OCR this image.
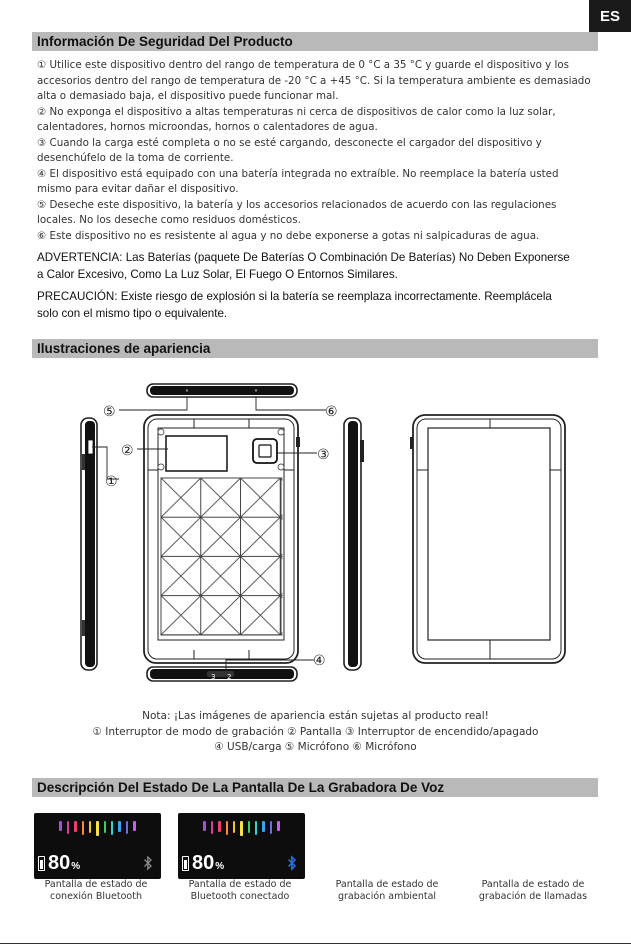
ES
Información De Seguridad Del Producto

① Utilice este dispositivo dentro del rango de temperatura de 0 °C a 35 °C y guarde el dispositivo y los

accesorios dentro del rango de temperatura de -20 °C a +45 °C. Si la temperatura ambiente es demasiado

alta o demasiado baja, el dispositivo puede funcionar mal.

② No exponga el dispositivo a altas temperaturas ni cerca de dispositivos de calor como la luz solar,

calentadores, hornos microondas, hornos o calentadores de agua.

③ Cuando la carga esté completa o no se esté cargando, desconecte el cargador del dispositivo y

desenchúfelo de la toma de corriente.

④ El dispositivo está equipado con una batería integrada no extraíble. No reemplace la batería usted

mismo para evitar dañar el dispositivo.

⑤ Deseche este dispositivo, la batería y los accesorios relacionados de acuerdo con las regulaciones

locales. No los deseche como residuos domésticos.

⑥ Este dispositivo no es resistente al agua y no debe exponerse a gotas ni salpicaduras de agua.

ADVERTENCIA: Las Baterías (paquete De Baterías O Combinación De Baterías) No Deben Exponerse
a Calor Excesivo, Como La Luz Solar, El Fuego O Entornos Similares.
PRECAUCIÓN: Existe riesgo de explosión si la batería se reemplaza incorrectamente. Reemplácela
solo con el mismo tipo o equivalente.
Ilustraciones de apariencia
3 2
⑤	⑥
②	③
①
④
Nota: ¡Las imágenes de apariencia están sujetas al producto real!
① Interruptor de modo de grabación ② Pantalla ③ Interruptor de encendido/apagado
④ USB/carga ⑤ Micrófono ⑥ Micrófono
Descripción Del Estado De La Pantalla De La Grabadora De Voz
80 %
Pantalla de estado de
conexión Bluetooth
80 %
Pantalla de estado de
Bluetooth conectado
Pantalla de estado de
grabación ambiental
Pantalla de estado de
grabación de llamadas
